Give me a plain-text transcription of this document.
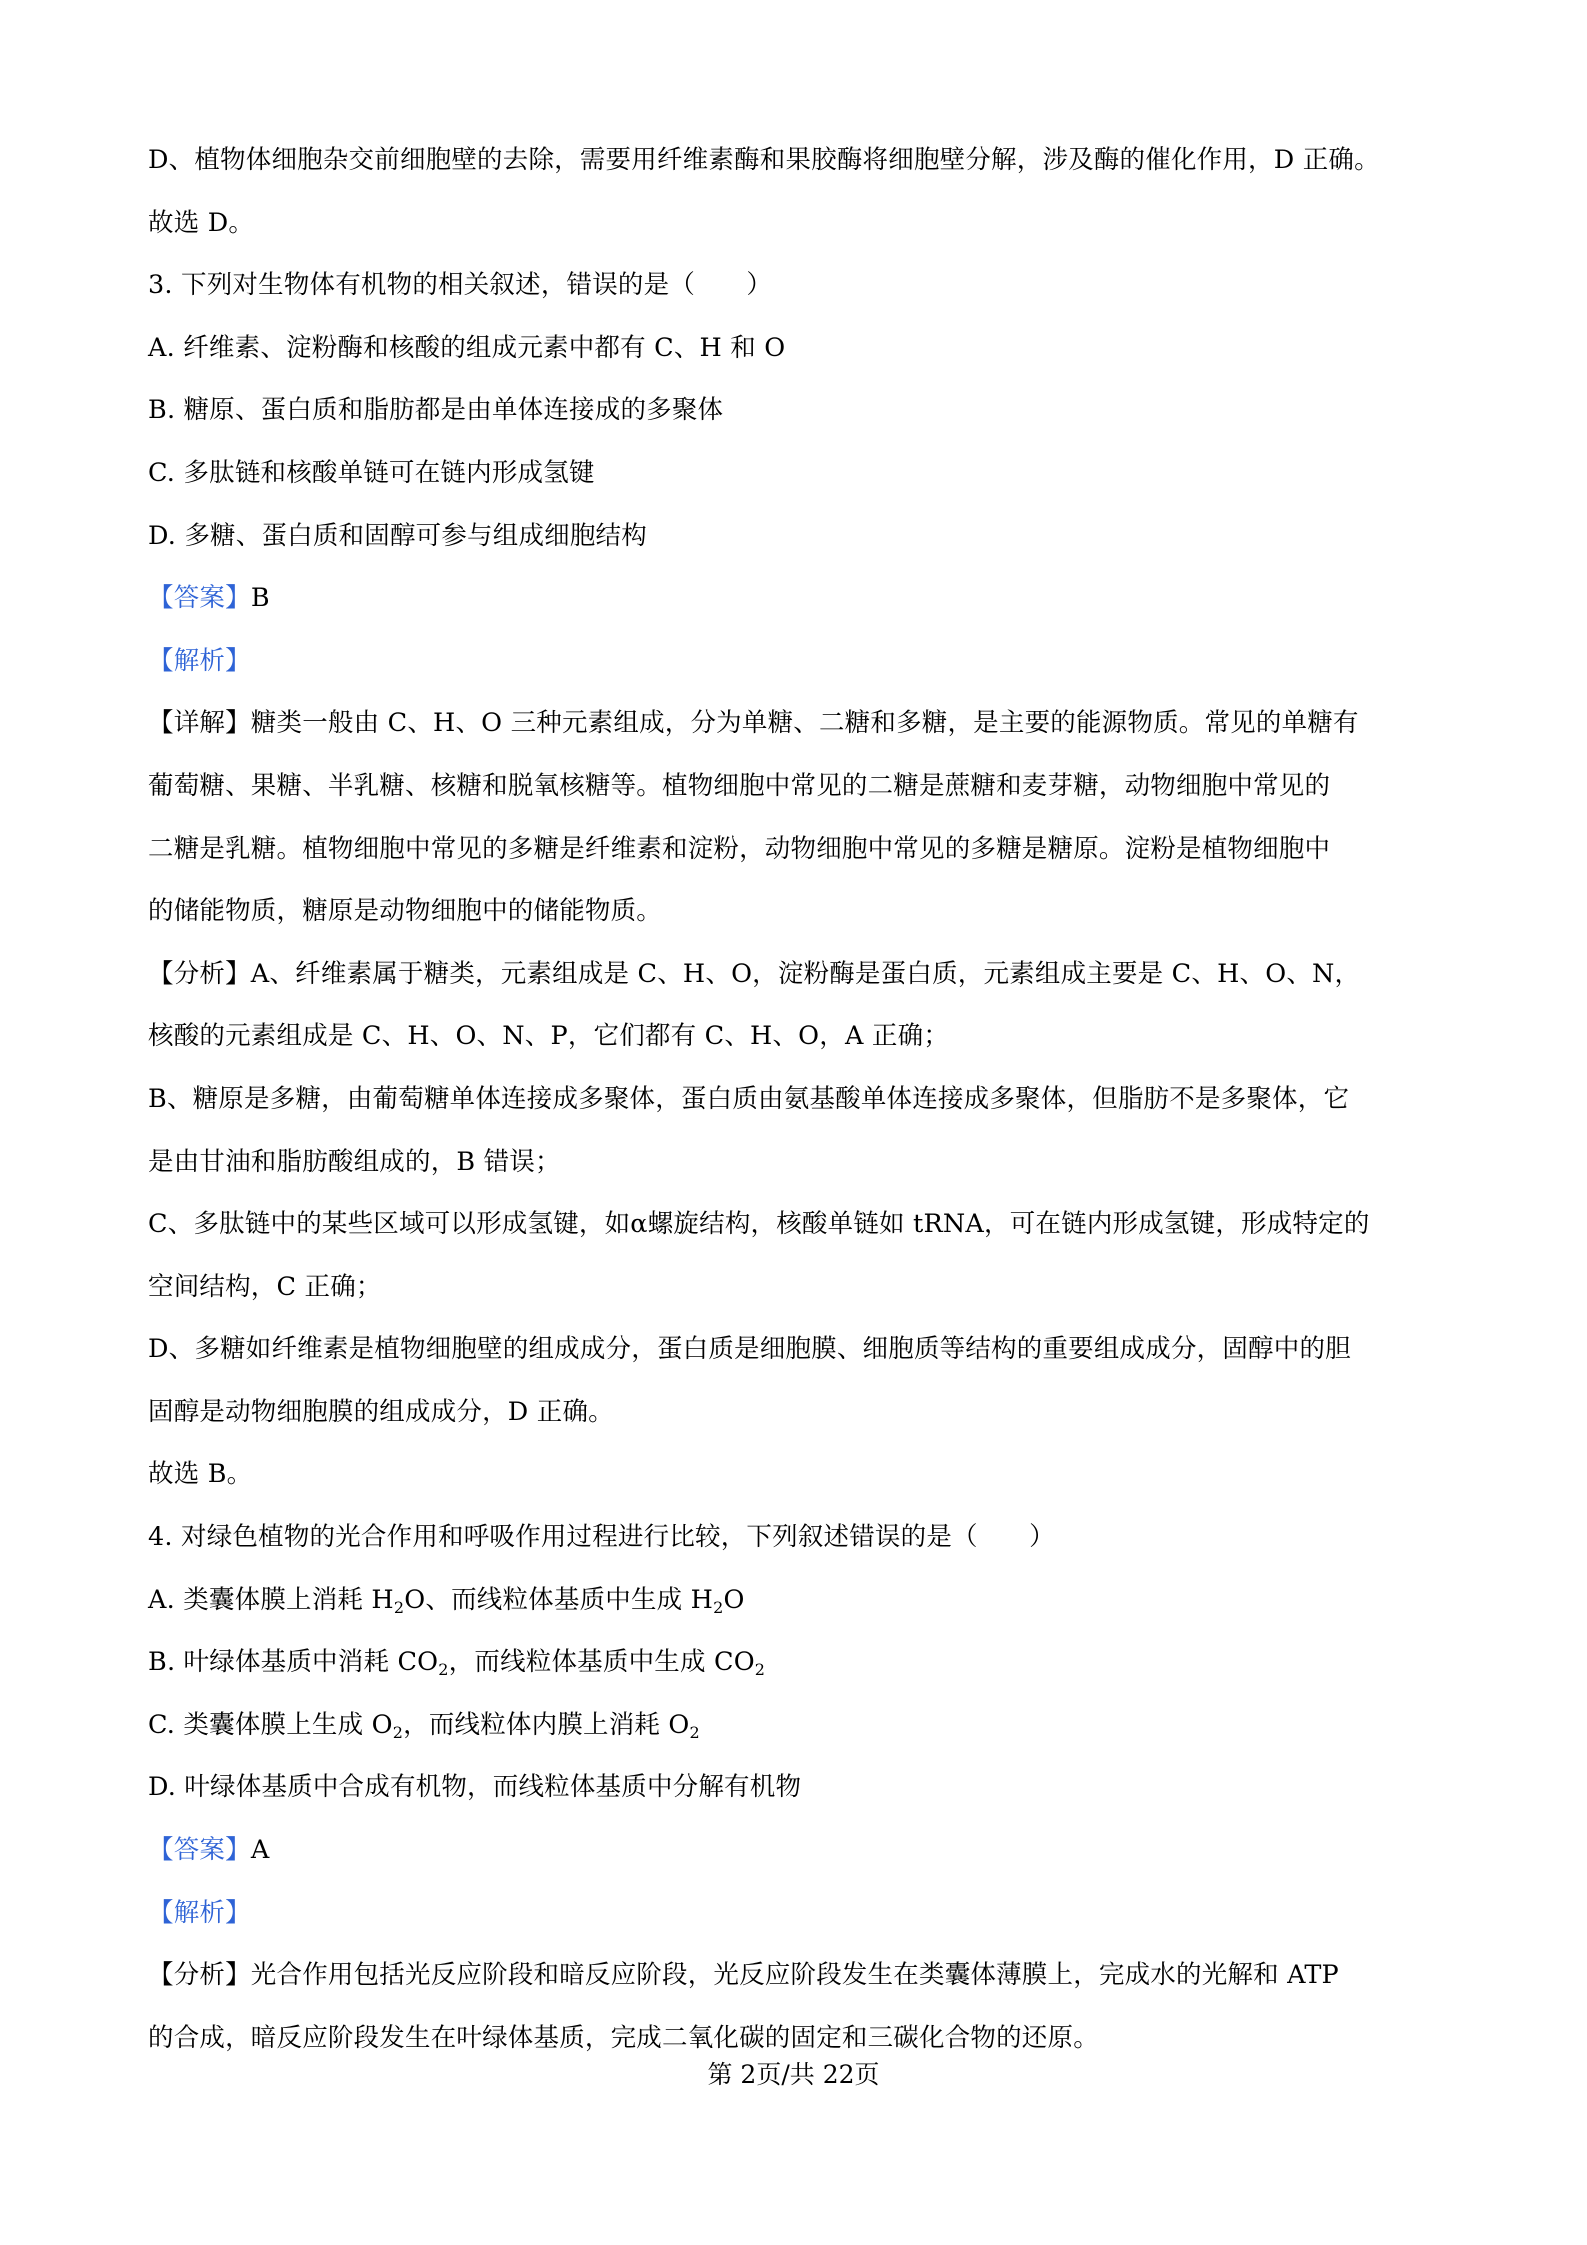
D、植物体细胞杂交前细胞壁的去除，需要用纤维素酶和果胶酶将细胞壁分解，涉及酶的催化作用，D 正确。
故选 D。
3. 下列对生物体有机物的相关叙述，错误的是（　　）
A. 纤维素、淀粉酶和核酸的组成元素中都有 C、H 和 O
B. 糖原、蛋白质和脂肪都是由单体连接成的多聚体
C. 多肽链和核酸单链可在链内形成氢键
D. 多糖、蛋白质和固醇可参与组成细胞结构
【答案】B
【解析】
【详解】糖类一般由 C、H、O 三种元素组成，分为单糖、二糖和多糖，是主要的能源物质。常见的单糖有
葡萄糖、果糖、半乳糖、核糖和脱氧核糖等。植物细胞中常见的二糖是蔗糖和麦芽糖，动物细胞中常见的
二糖是乳糖。植物细胞中常见的多糖是纤维素和淀粉，动物细胞中常见的多糖是糖原。淀粉是植物细胞中
的储能物质，糖原是动物细胞中的储能物质。
【分析】A、纤维素属于糖类，元素组成是 C、H、O，淀粉酶是蛋白质，元素组成主要是 C、H、O、N，
核酸的元素组成是 C、H、O、N、P，它们都有 C、H、O，A 正确；
B、糖原是多糖，由葡萄糖单体连接成多聚体，蛋白质由氨基酸单体连接成多聚体，但脂肪不是多聚体，它
是由甘油和脂肪酸组成的，B 错误；
C、多肽链中的某些区域可以形成氢键，如α螺旋结构，核酸单链如 tRNA，可在链内形成氢键，形成特定的
空间结构，C 正确；
D、多糖如纤维素是植物细胞壁的组成成分，蛋白质是细胞膜、细胞质等结构的重要组成成分，固醇中的胆
固醇是动物细胞膜的组成成分，D 正确。
故选 B。
4. 对绿色植物的光合作用和呼吸作用过程进行比较，下列叙述错误的是（　　）
A. 类囊体膜上消耗 $H_2O$、而线粒体基质中生成 $H_2O$
B. 叶绿体基质中消耗 $CO_2$，而线粒体基质中生成 $CO_2$
C. 类囊体膜上生成 $O_2$，而线粒体内膜上消耗 $O_2$
D. 叶绿体基质中合成有机物，而线粒体基质中分解有机物
【答案】A
【解析】
【分析】光合作用包括光反应阶段和暗反应阶段，光反应阶段发生在类囊体薄膜上，完成水的光解和 ATP
的合成，暗反应阶段发生在叶绿体基质，完成二氧化碳的固定和三碳化合物的还原。
第 2页/共 22页
